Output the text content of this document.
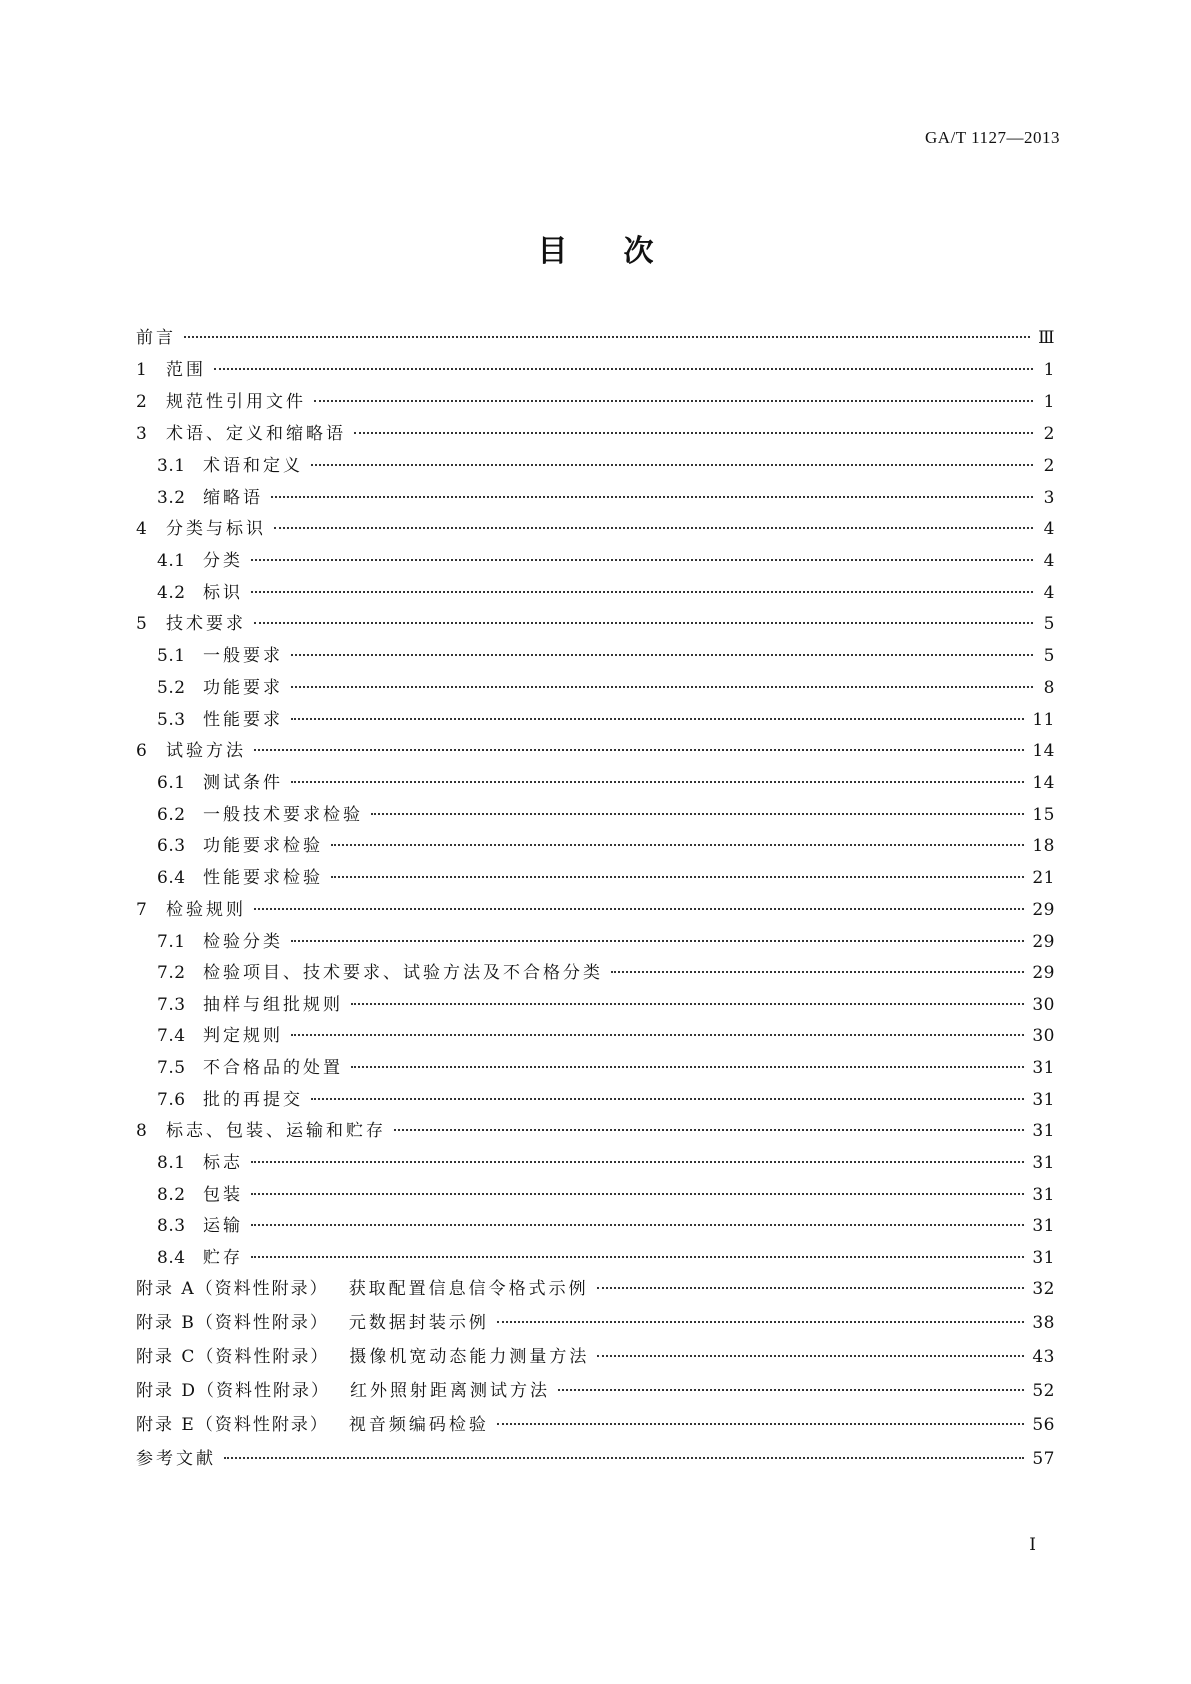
GA/T 1127—2013
目次
前言	Ⅲ
1	范围	1
2	规范性引用文件	1
3	术语、定义和缩略语	2
3.1	术语和定义	2
3.2	缩略语	3
4	分类与标识	4
4.1	分类	4
4.2	标识	4
5	技术要求	5
5.1	一般要求	5
5.2	功能要求	8
5.3	性能要求	11
6	试验方法	14
6.1	测试条件	14
6.2	一般技术要求检验	15
6.3	功能要求检验	18
6.4	性能要求检验	21
7	检验规则	29
7.1	检验分类	29
7.2	检验项目、技术要求、试验方法及不合格分类	29
7.3	抽样与组批规则	30
7.4	判定规则	30
7.5	不合格品的处置	31
7.6	批的再提交	31
8	标志、包装、运输和贮存	31
8.1	标志	31
8.2	包装	31
8.3	运输	31
8.4	贮存	31
附录 A（资料性附录） 获取配置信息信令格式示例	32
附录 B（资料性附录） 元数据封装示例	38
附录 C（资料性附录） 摄像机宽动态能力测量方法	43
附录 D（资料性附录） 红外照射距离测试方法	52
附录 E（资料性附录） 视音频编码检验	56
参考文献	57
I
